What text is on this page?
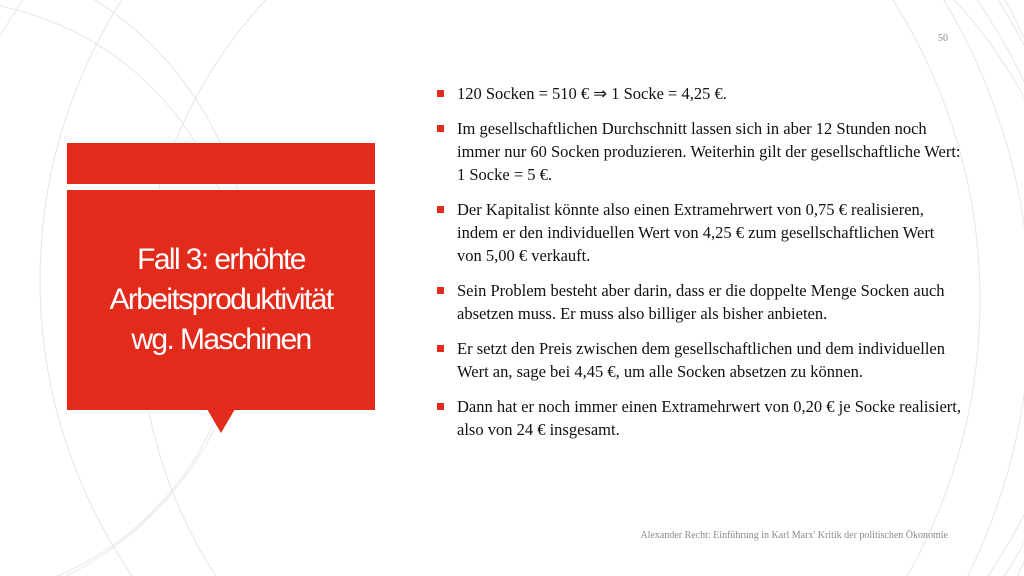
Fall 3: erhöhte
Arbeitsproduktivität
wg. Maschinen
50
120 Socken = 510 € ⇒ 1 Socke = 4,25 €.
Im gesellschaftlichen Durchschnitt lassen sich in aber 12 Stunden noch immer nur 60 Socken produzieren. Weiterhin gilt der gesellschaftliche Wert: 1 Socke = 5 €.
Der Kapitalist könnte also einen Extramehrwert von 0,75 € realisieren, indem er den individuellen Wert von 4,25 € zum gesellschaftlichen Wert von 5,00 € verkauft.
Sein Problem besteht aber darin, dass er die doppelte Menge Socken auch absetzen muss. Er muss also billiger als bisher anbieten.
Er setzt den Preis zwischen dem gesellschaftlichen und dem individuellen Wert an, sage bei 4,45 €, um alle Socken absetzen zu können.
Dann hat er noch immer einen Extramehrwert von 0,20 € je Socke realisiert, also von 24 € insgesamt.
Alexander Recht: Einführung in Karl Marx' Kritik der politischen Ökonomie
